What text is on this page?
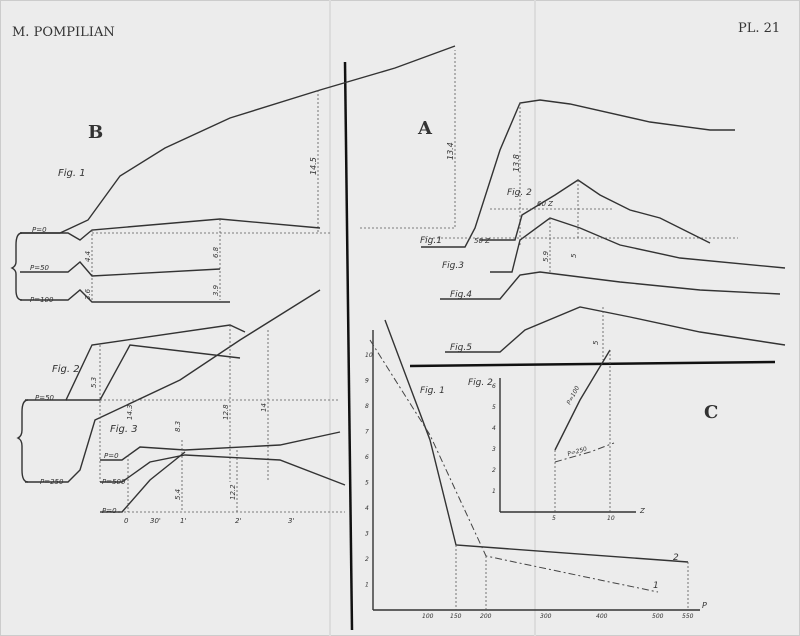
M. POMPILIAN	PL. 21
B	A
C
Fig.1
13.4
13.8
Fig. 2
60 Z
Fig.3
50 Z
5.9	5
Fig.4
Fig.5
5
Fig. 1	14.5
P=0
4.4	6.8
P=50
3.9
P=100	3.6
Fig. 2
P=50
P=250
5.3
14
Fig. 3
P=0
P=500
P=0
14.3
8.3
12.8
5.4	12.2
0	30'	1'	2'	3'
1
2
3
4
5
6
7
8
9
10
100	150	200	300	400	500	550
Fig. 1
2
1
P
1
2
3
4
5
6
5	10
Fig. 2
P=100
P=250
Z
